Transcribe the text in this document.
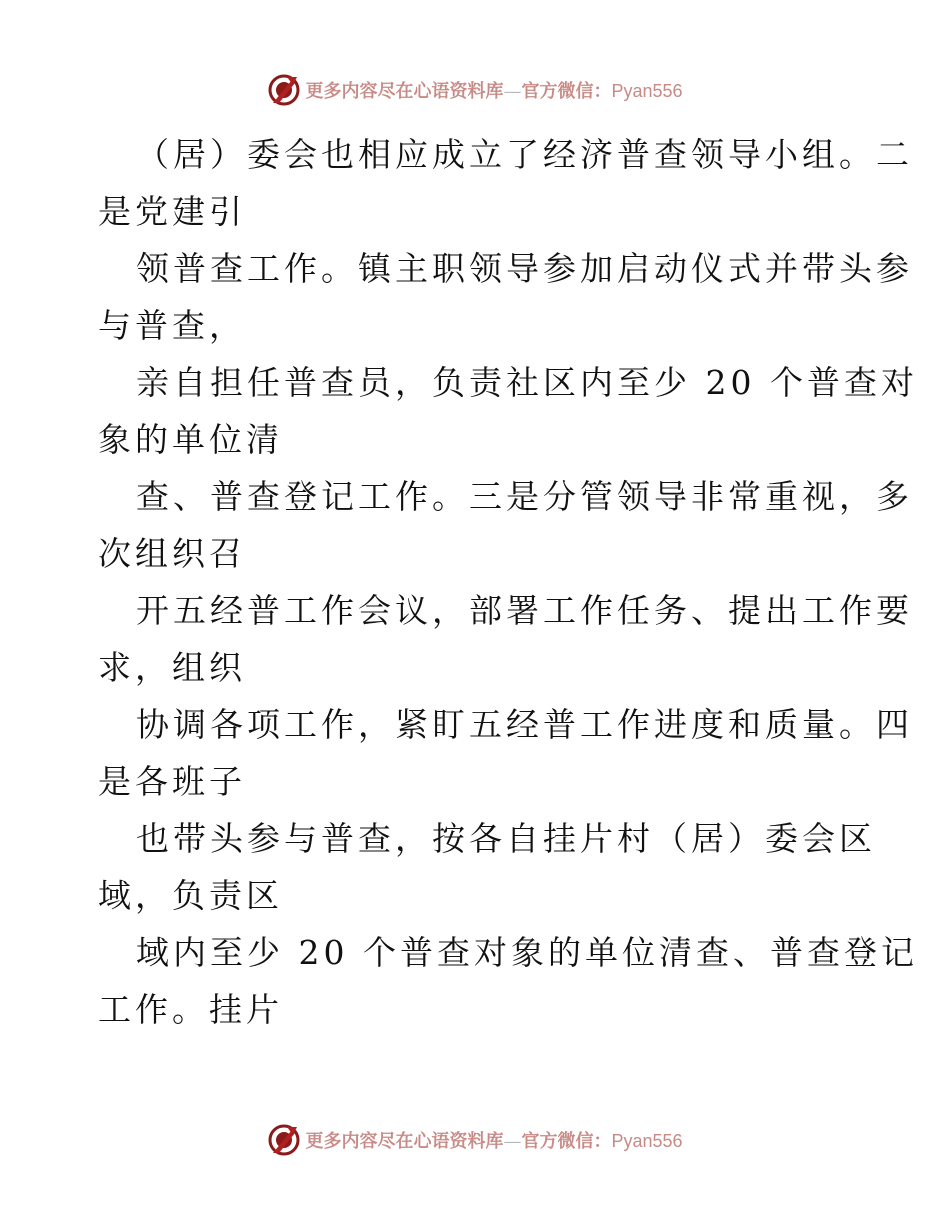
更多内容尽在心语资料库—官方微信：Pyan556
（居）委会也相应成立了经济普查领导小组。二
是党建引
领普查工作。镇主职领导参加启动仪式并带头参
与普查，
亲自担任普查员，负责社区内至少 20 个普查对
象的单位清
查、普查登记工作。三是分管领导非常重视，多
次组织召
开五经普工作会议，部署工作任务、提出工作要
求，组织
协调各项工作，紧盯五经普工作进度和质量。四
是各班子
也带头参与普查，按各自挂片村（居）委会区
域，负责区
域内至少 20 个普查对象的单位清查、普查登记
工作。挂片
更多内容尽在心语资料库—官方微信：Pyan556
